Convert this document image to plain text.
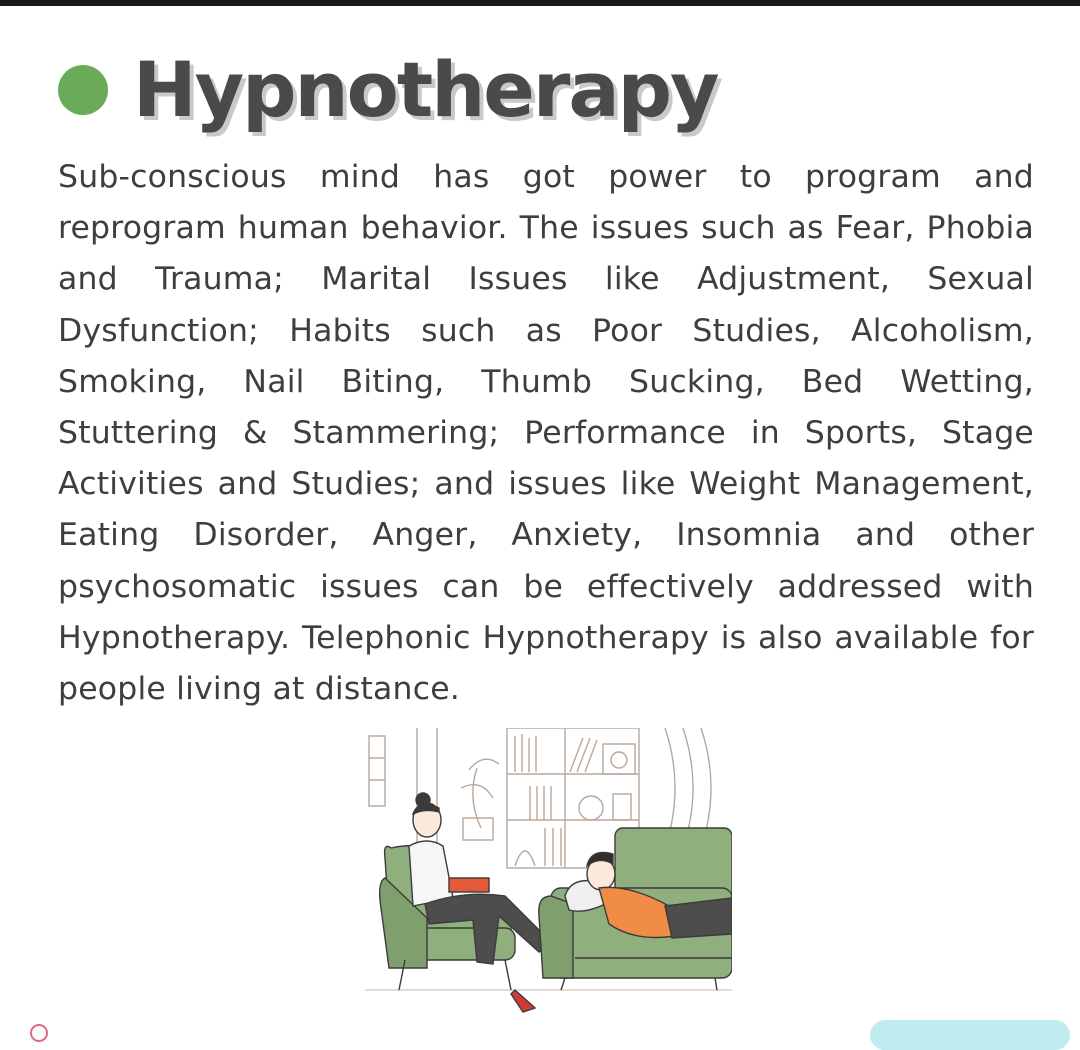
Hypnotherapy

Sub-conscious mind has got power to program and reprogram human behavior. The issues such as Fear, Phobia and Trauma; Marital Issues like Adjustment, Sexual Dysfunction; Habits such as Poor Studies, Alcoholism, Smoking, Nail Biting, Thumb Sucking, Bed Wetting, Stuttering & Stammering; Performance in Sports, Stage Activities and Studies; and issues like Weight Management, Eating Disorder, Anger, Anxiety, Insomnia and other psychosomatic issues can be effectively addressed with Hypnotherapy. Telephonic Hypnotherapy is also available for people living at distance.
